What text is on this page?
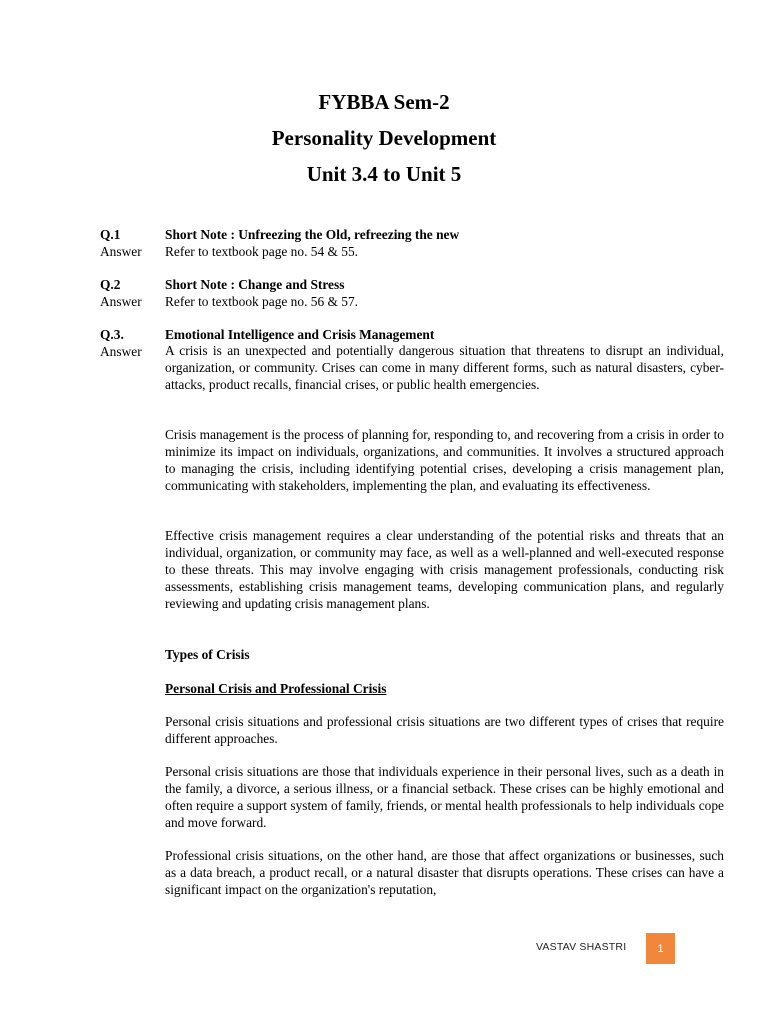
FYBBA Sem-2
Personality Development
Unit 3.4 to Unit 5
Q.1	Short Note : Unfreezing the Old, refreezing the new
Answer Refer to textbook page no. 54 & 55.
Q.2	Short Note : Change and Stress
Answer Refer to textbook page no. 56 & 57.
Q.3.	Emotional Intelligence and Crisis Management
Answer A crisis is an unexpected and potentially dangerous situation that threatens to disrupt an individual, organization, or community. Crises can come in many different forms, such as natural disasters, cyber-attacks, product recalls, financial crises, or public health emergencies.

Crisis management is the process of planning for, responding to, and recovering from a crisis in order to minimize its impact on individuals, organizations, and communities. It involves a structured approach to managing the crisis, including identifying potential crises, developing a crisis management plan, communicating with stakeholders, implementing the plan, and evaluating its effectiveness.

Effective crisis management requires a clear understanding of the potential risks and threats that an individual, organization, or community may face, as well as a well-planned and well-executed response to these threats. This may involve engaging with crisis management professionals, conducting risk assessments, establishing crisis management teams, developing communication plans, and regularly reviewing and updating crisis management plans.

Types of Crisis
Personal Crisis and Professional Crisis

Personal crisis situations and professional crisis situations are two different types of crises that require different approaches.

Personal crisis situations are those that individuals experience in their personal lives, such as a death in the family, a divorce, a serious illness, or a financial setback. These crises can be highly emotional and often require a support system of family, friends, or mental health professionals to help individuals cope and move forward.

Professional crisis situations, on the other hand, are those that affect organizations or businesses, such as a data breach, a product recall, or a natural disaster that disrupts operations. These crises can have a significant impact on the organization's reputation,

VASTAV SHASTRI	1
